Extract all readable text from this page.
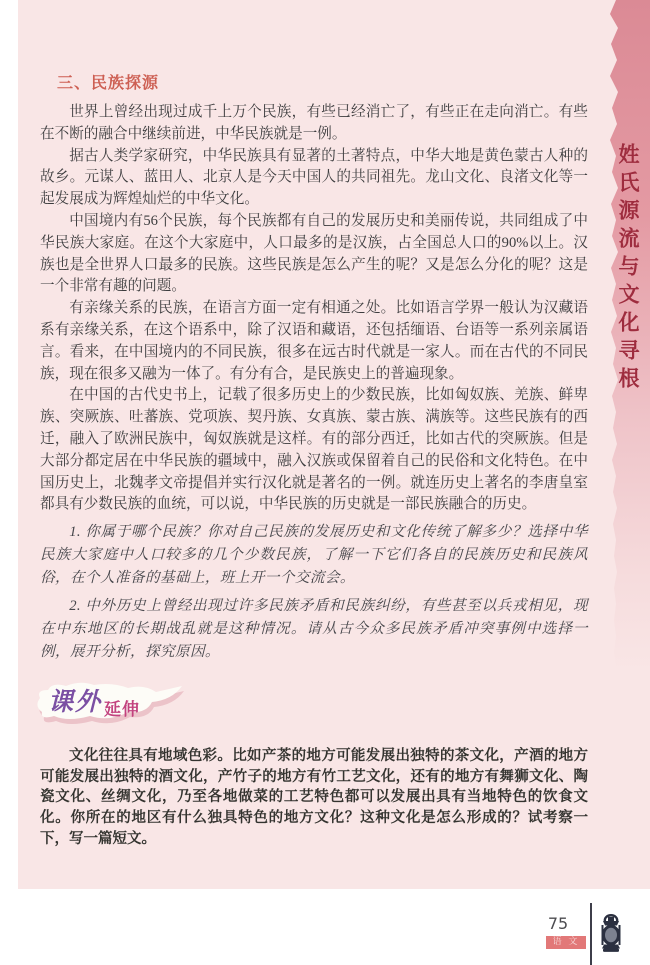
姓氏源流与文化寻根
三、民族探源

世界上曾经出现过成千上万个民族，有些已经消亡了，有些正在走向消亡。有些在不断的融合中继续前进，中华民族就是一例。

据古人类学家研究，中华民族具有显著的土著特点，中华大地是黄色蒙古人种的故乡。元谋人、蓝田人、北京人是今天中国人的共同祖先。龙山文化、良渚文化等一起发展成为辉煌灿烂的中华文化。

中国境内有56个民族，每个民族都有自己的发展历史和美丽传说，共同组成了中华民族大家庭。在这个大家庭中，人口最多的是汉族，占全国总人口的90%以上。汉族也是全世界人口最多的民族。这些民族是怎么产生的呢？又是怎么分化的呢？这是一个非常有趣的问题。

有亲缘关系的民族，在语言方面一定有相通之处。比如语言学界一般认为汉藏语系有亲缘关系，在这个语系中，除了汉语和藏语，还包括缅语、台语等一系列亲属语言。看来，在中国境内的不同民族，很多在远古时代就是一家人。而在古代的不同民族，现在很多又融为一体了。有分有合，是民族史上的普遍现象。

在中国的古代史书上，记载了很多历史上的少数民族，比如匈奴族、羌族、鲜卑族、突厥族、吐蕃族、党项族、契丹族、女真族、蒙古族、满族等。这些民族有的西迁，融入了欧洲民族中，匈奴族就是这样。有的部分西迁，比如古代的突厥族。但是大部分都定居在中华民族的疆域中，融入汉族或保留着自己的民俗和文化特色。在中国历史上，北魏孝文帝提倡并实行汉化就是著名的一例。就连历史上著名的李唐皇室都具有少数民族的血统，可以说，中华民族的历史就是一部民族融合的历史。

1. 你属于哪个民族？你对自己民族的发展历史和文化传统了解多少？选择中华民族大家庭中人口较多的几个少数民族，了解一下它们各自的民族历史和民族风俗，在个人准备的基础上，班上开一个交流会。

2. 中外历史上曾经出现过许多民族矛盾和民族纠纷，有些甚至以兵戎相见，现在中东地区的长期战乱就是这种情况。请从古今众多民族矛盾冲突事例中选择一例，展开分析，探究原因。

课外 延伸

文化往往具有地域色彩。比如产茶的地方可能发展出独特的茶文化，产酒的地方可能发展出独特的酒文化，产竹子的地方有竹工艺文化，还有的地方有舞狮文化、陶瓷文化、丝绸文化，乃至各地做菜的工艺特色都可以发展出具有当地特色的饮食文化。你所在的地区有什么独具特色的地方文化？这种文化是怎么形成的？试考察一下，写一篇短文。

75
语 文
